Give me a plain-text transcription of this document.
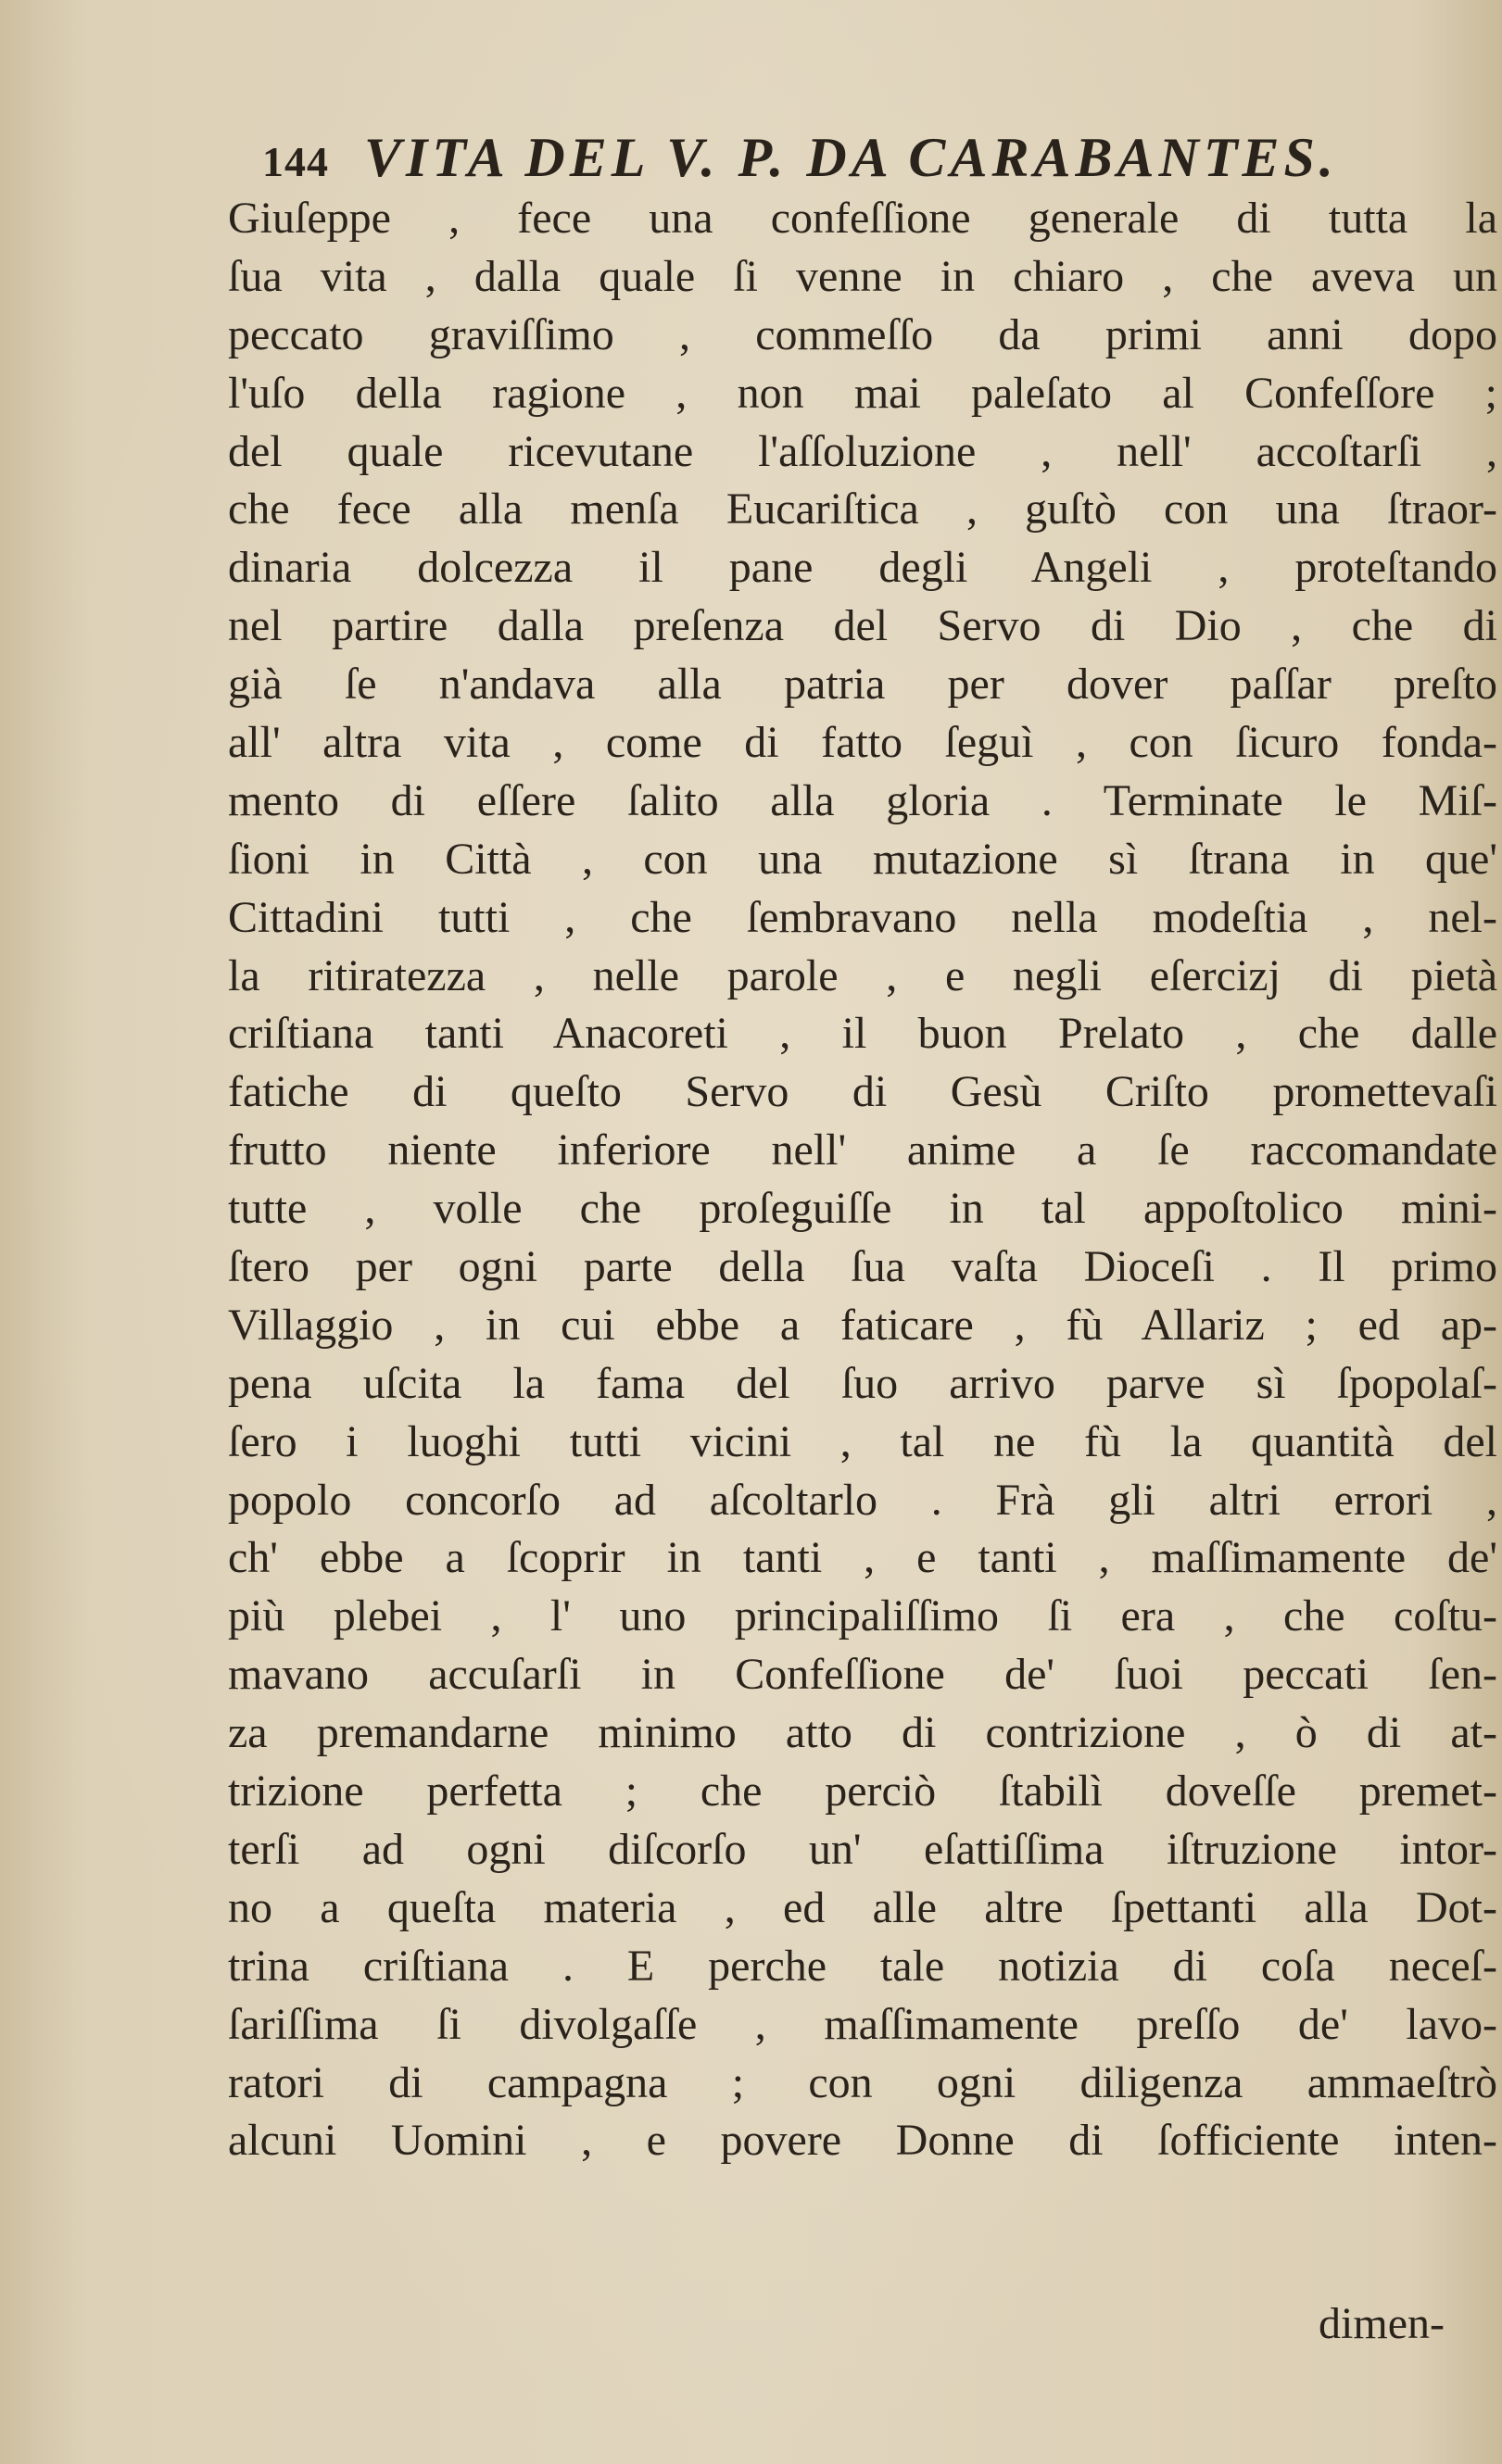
144 VITA DEL V. P. DA CARABANTES.
Giuſeppe , fece una confeſſione generale di tutta la
ſua vita , dalla quale ſi venne in chiaro , che aveva un
peccato graviſſimo , commeſſo da primi anni dopo
l'uſo della ragione , non mai paleſato al Confeſſore ;
del quale ricevutane l'aſſoluzione , nell' accoſtarſi ,
che fece alla menſa Eucariſtica , guſtò con una ſtraor-
dinaria dolcezza il pane degli Angeli , proteſtando
nel partire dalla preſenza del Servo di Dio , che di
già ſe n'andava alla patria per dover paſſar preſto
all' altra vita , come di fatto ſeguì , con ſicuro fonda-
mento di eſſere ſalito alla gloria . Terminate le Miſ-
ſioni in Città , con una mutazione sì ſtrana in que'
Cittadini tutti , che ſembravano nella modeſtia , nel-
la ritiratezza , nelle parole , e negli eſercizj di pietà
criſtiana tanti Anacoreti , il buon Prelato , che dalle
fatiche di queſto Servo di Gesù Criſto promettevaſi
frutto niente inferiore nell' anime a ſe raccomandate
tutte , volle che proſeguiſſe in tal appoſtolico mini-
ſtero per ogni parte della ſua vaſta Dioceſi . Il primo
Villaggio , in cui ebbe a faticare , fù Allariz ; ed ap-
pena uſcita la fama del ſuo arrivo parve sì ſpopolaſ-
ſero i luoghi tutti vicini , tal ne fù la quantità del
popolo concorſo ad aſcoltarlo . Frà gli altri errori ,
ch' ebbe a ſcoprir in tanti , e tanti , maſſimamente de'
più plebei , l' uno principaliſſimo ſi era , che coſtu-
mavano accuſarſi in Confeſſione de' ſuoi peccati ſen-
za premandarne minimo atto di contrizione , ò di at-
trizione perfetta ; che perciò ſtabilì doveſſe premet-
terſi ad ogni diſcorſo un' eſattiſſima iſtruzione intor-
no a queſta materia , ed alle altre ſpettanti alla Dot-
trina criſtiana . E perche tale notizia di coſa neceſ-
ſariſſima ſi divolgaſſe , maſſimamente preſſo de' lavo-
ratori di campagna ; con ogni diligenza ammaeſtrò
alcuni Uomini , e povere Donne di ſofficiente inten-
dimen-
